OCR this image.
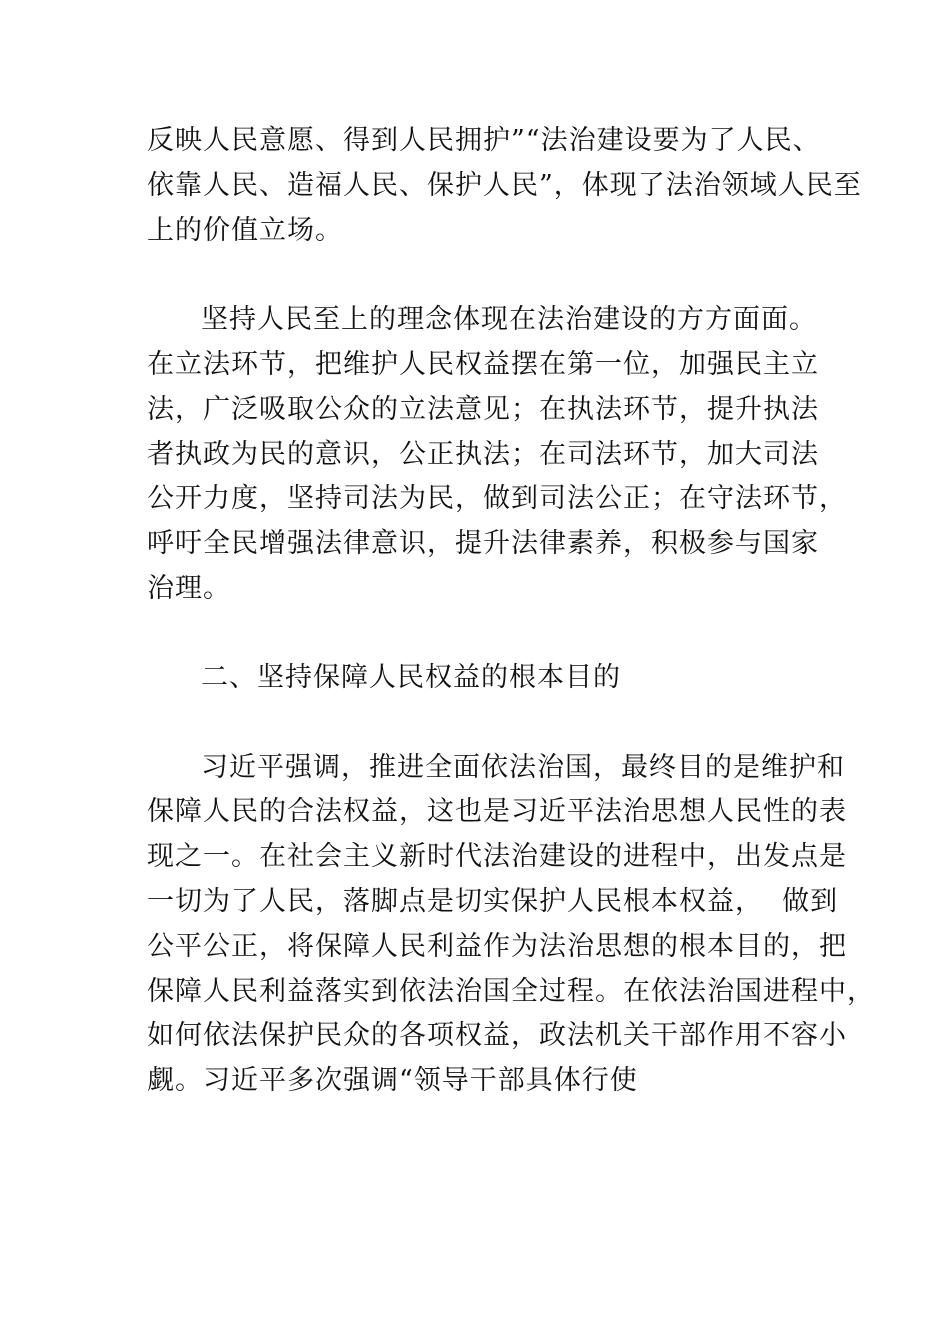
反映人民意愿、得到人民拥护”“法治建设要为了人民、
依靠人民、造福人民、保护人民”，体现了法治领域人民至
上的价值立场。
坚持人民至上的理念体现在法治建设的方方面面。
在立法环节，把维护人民权益摆在第一位，加强民主立
法，广泛吸取公众的立法意见；在执法环节，提升执法
者执政为民的意识，公正执法；在司法环节，加大司法
公开力度，坚持司法为民，做到司法公正；在守法环节，
呼吁全民增强法律意识，提升法律素养，积极参与国家
治理。
二、坚持保障人民权益的根本目的
习近平强调，推进全面依法治国，最终目的是维护和
保障人民的合法权益，这也是习近平法治思想人民性的表
现之一。在社会主义新时代法治建设的进程中，出发点是
一切为了人民，落脚点是切实保护人民根本权益，  做到
公平公正，将保障人民利益作为法治思想的根本目的，把
保障人民利益落实到依法治国全过程。在依法治国进程中，
如何依法保护民众的各项权益，政法机关干部作用不容小
觑。习近平多次强调“领导干部具体行使
